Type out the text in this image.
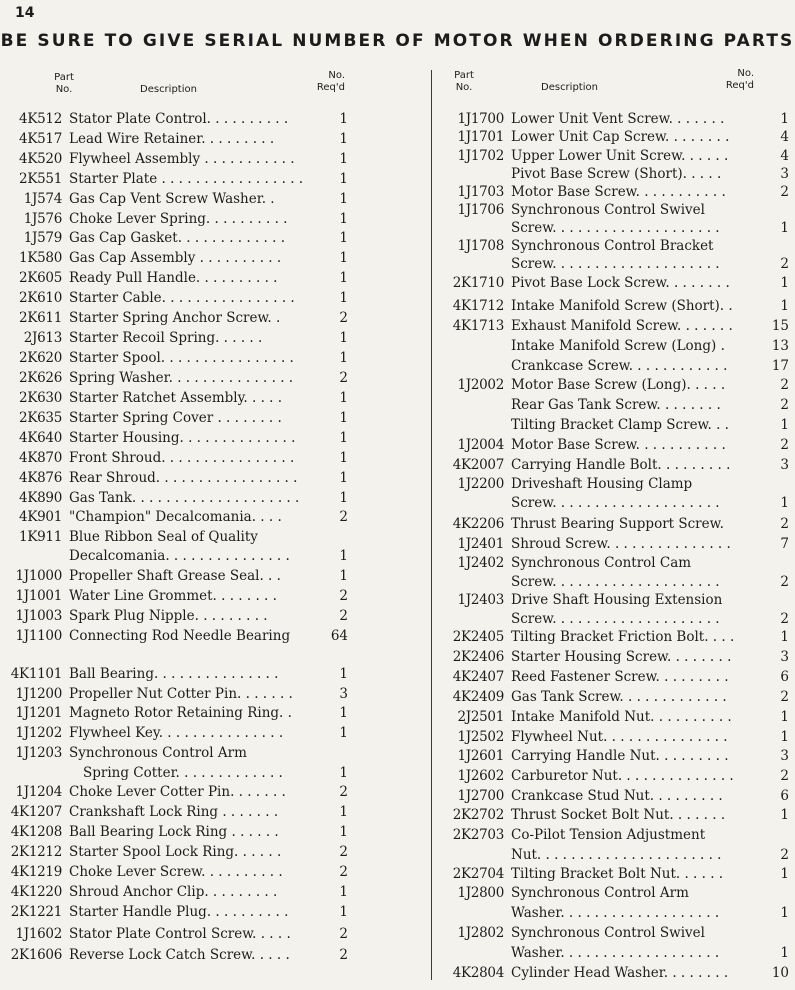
14
BE SURE TO GIVE SERIAL NUMBER OF MOTOR WHEN ORDERING PARTS
Part
No.	Description
No.
Req'd
4K512 Stator Plate Control. . . . . . . . . .	1
4K517 Lead Wire Retainer. . . . . . . . .	1
4K520 Flywheel Assembly . . . . . . . . . . .	1
2K551 Starter Plate . . . . . . . . . . . . . . . . .	1
1J574 Gas Cap Vent Screw Washer. .	1
1J576 Choke Lever Spring. . . . . . . . . .	1
1J579 Gas Cap Gasket. . . . . . . . . . . . .	1
1K580 Gas Cap Assembly . . . . . . . . . .	1
2K605 Ready Pull Handle. . . . . . . . . .	1
2K610 Starter Cable. . . . . . . . . . . . . . . .	1
2K611 Starter Spring Anchor Screw. .	2
2J613 Starter Recoil Spring. . . . . .	1
2K620 Starter Spool. . . . . . . . . . . . . . . .	1
2K626 Spring Washer. . . . . . . . . . . . . . .	2
2K630 Starter Ratchet Assembly. . . . .	1
2K635 Starter Spring Cover . . . . . . . .	1
4K640 Starter Housing. . . . . . . . . . . . . .	1
4K870 Front Shroud. . . . . . . . . . . . . . . .	1
4K876 Rear Shroud. . . . . . . . . . . . . . . . .	1
4K890 Gas Tank. . . . . . . . . . . . . . . . . . . .	1
4K901 "Champion" Decalcomania. . . .	2
1K911 Blue Ribbon Seal of Quality
Decalcomania. . . . . . . . . . . . . . .	1
1J1000 Propeller Shaft Grease Seal. . .	1
1J1001 Water Line Grommet. . . . . . . .	2
1J1003 Spark Plug Nipple. . . . . . . . .	2
1J1100 Connecting Rod Needle Bearing	64
4K1101 Ball Bearing. . . . . . . . . . . . . . .	1
1J1200 Propeller Nut Cotter Pin. . . . . . .	3
1J1201 Magneto Rotor Retaining Ring. .	1
1J1202 Flywheel Key. . . . . . . . . . . . . . .	1
1J1203 Synchronous Control Arm
Spring Cotter. . . . . . . . . . . . .	1
1J1204 Choke Lever Cotter Pin. . . . . . .	2
4K1207 Crankshaft Lock Ring . . . . . . .	1
4K1208 Ball Bearing Lock Ring . . . . . .	1
2K1212 Starter Spool Lock Ring. . . . . .	2
4K1219 Choke Lever Screw. . . . . . . . . .	2
4K1220 Shroud Anchor Clip. . . . . . . . .	1
2K1221 Starter Handle Plug. . . . . . . . . .	1
1J1602 Stator Plate Control Screw. . . . .	2
2K1606 Reverse Lock Catch Screw. . . . .	2
Part
No.	Description
No.
Req'd
1J1700 Lower Unit Vent Screw. . . . . . .	1
1J1701 Lower Unit Cap Screw. . . . . . . .	4
1J1702 Upper Lower Unit Screw. . . . . .	4
Pivot Base Screw (Short). . . . .	3
1J1703 Motor Base Screw. . . . . . . . . . .	2
1J1706 Synchronous Control Swivel
Screw. . . . . . . . . . . . . . . . . . . .	1
1J1708 Synchronous Control Bracket
Screw. . . . . . . . . . . . . . . . . . . .	2
2K1710 Pivot Base Lock Screw. . . . . . . .	1
4K1712 Intake Manifold Screw (Short). .	1
4K1713 Exhaust Manifold Screw. . . . . . .	15
Intake Manifold Screw (Long) .	13
Crankcase Screw. . . . . . . . . . . .	17
1J2002 Motor Base Screw (Long). . . . .	2
Rear Gas Tank Screw. . . . . . . .	2
Tilting Bracket Clamp Screw. . .	1
1J2004 Motor Base Screw. . . . . . . . . . .	2
4K2007 Carrying Handle Bolt. . . . . . . . .	3
1J2200 Driveshaft Housing Clamp
Screw. . . . . . . . . . . . . . . . . . . .	1
4K2206 Thrust Bearing Support Screw.	2
1J2401 Shroud Screw. . . . . . . . . . . . . . .	7
1J2402 Synchronous Control Cam
Screw. . . . . . . . . . . . . . . . . . . .	2
1J2403 Drive Shaft Housing Extension
Screw. . . . . . . . . . . . . . . . . . . .	2
2K2405 Tilting Bracket Friction Bolt. . . .	1
2K2406 Starter Housing Screw. . . . . . . .	3
4K2407 Reed Fastener Screw. . . . . . . . .	6
4K2409 Gas Tank Screw. . . . . . . . . . . . .	2
2J2501 Intake Manifold Nut. . . . . . . . . .	1
1J2502 Flywheel Nut. . . . . . . . . . . . . . .	1
1J2601 Carrying Handle Nut. . . . . . . . .	3
1J2602 Carburetor Nut. . . . . . . . . . . . . .	2
1J2700 Crankcase Stud Nut. . . . . . . . .	6
2K2702 Thrust Socket Bolt Nut. . . . . . .	1
2K2703 Co-Pilot Tension Adjustment
Nut. . . . . . . . . . . . . . . . . . . . . .	2
2K2704 Tilting Bracket Bolt Nut. . . . . .	1
1J2800 Synchronous Control Arm
Washer. . . . . . . . . . . . . . . . . . .	1
1J2802 Synchronous Control Swivel
Washer. . . . . . . . . . . . . . . . . . .	1
4K2804 Cylinder Head Washer. . . . . . . .	10
